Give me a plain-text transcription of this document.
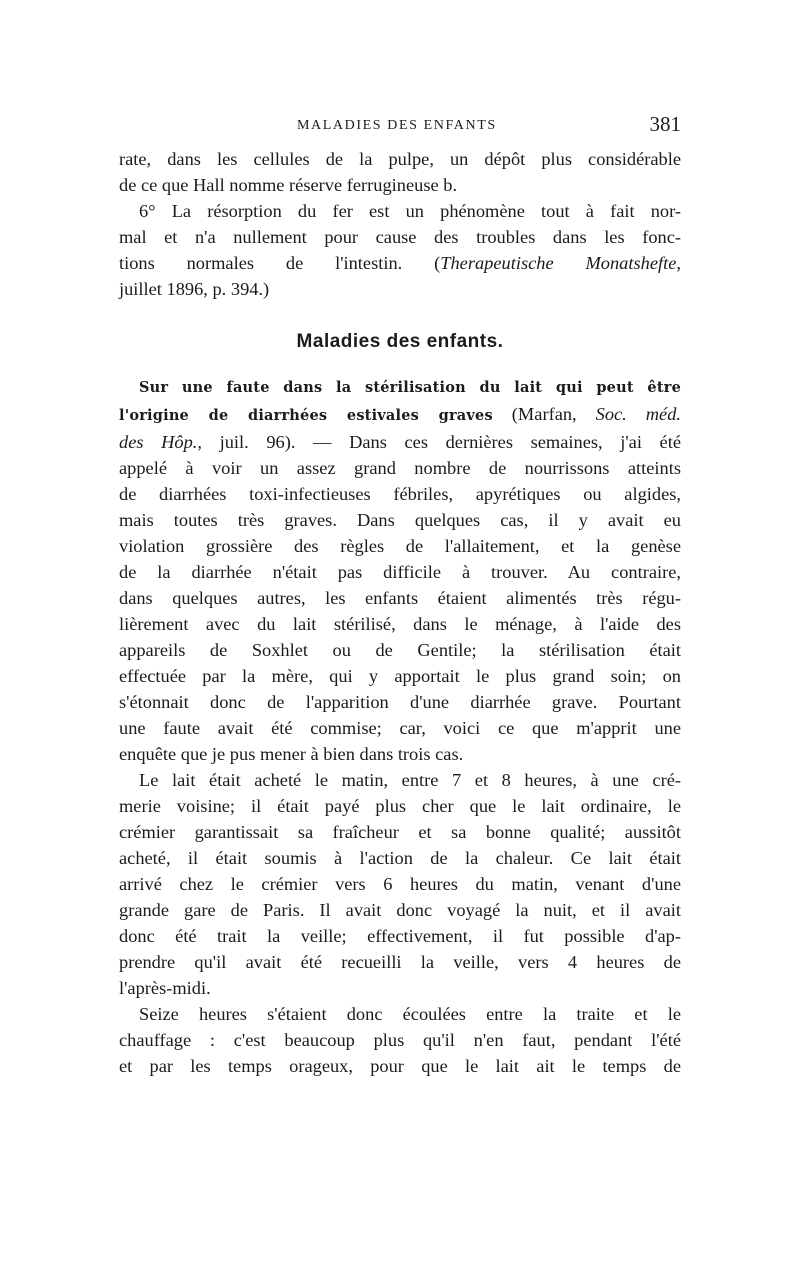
MALADIES DES ENFANTS	381

rate, dans les cellules de la pulpe, un dépôt plus considérable
de ce que Hall nomme réserve ferrugineuse b.

6° La résorption du fer est un phénomène tout à fait nor-
mal et n'a nullement pour cause des troubles dans les fonc-
tions normales de l'intestin. (Therapeutische Monatshefte,
juillet 1896, p. 394.)

Maladies des enfants.

Sur une faute dans la stérilisation du lait qui peut être
l'origine de diarrhées estivales graves (Marfan, Soc. méd.
des Hôp., juil. 96). — Dans ces dernières semaines, j'ai été
appelé à voir un assez grand nombre de nourrissons atteints
de diarrhées toxi-infectieuses fébriles, apyrétiques ou algides,
mais toutes très graves. Dans quelques cas, il y avait eu
violation grossière des règles de l'allaitement, et la genèse
de la diarrhée n'était pas difficile à trouver. Au contraire,
dans quelques autres, les enfants étaient alimentés très régu-
lièrement avec du lait stérilisé, dans le ménage, à l'aide des
appareils de Soxhlet ou de Gentile; la stérilisation était
effectuée par la mère, qui y apportait le plus grand soin; on
s'étonnait donc de l'apparition d'une diarrhée grave. Pourtant
une faute avait été commise; car, voici ce que m'apprit une
enquête que je pus mener à bien dans trois cas.

Le lait était acheté le matin, entre 7 et 8 heures, à une cré-
merie voisine; il était payé plus cher que le lait ordinaire, le
crémier garantissait sa fraîcheur et sa bonne qualité; aussitôt
acheté, il était soumis à l'action de la chaleur. Ce lait était
arrivé chez le crémier vers 6 heures du matin, venant d'une
grande gare de Paris. Il avait donc voyagé la nuit, et il avait
donc été trait la veille; effectivement, il fut possible d'ap-
prendre qu'il avait été recueilli la veille, vers 4 heures de
l'après-midi.

Seize heures s'étaient donc écoulées entre la traite et le
chauffage : c'est beaucoup plus qu'il n'en faut, pendant l'été
et par les temps orageux, pour que le lait ait le temps de
